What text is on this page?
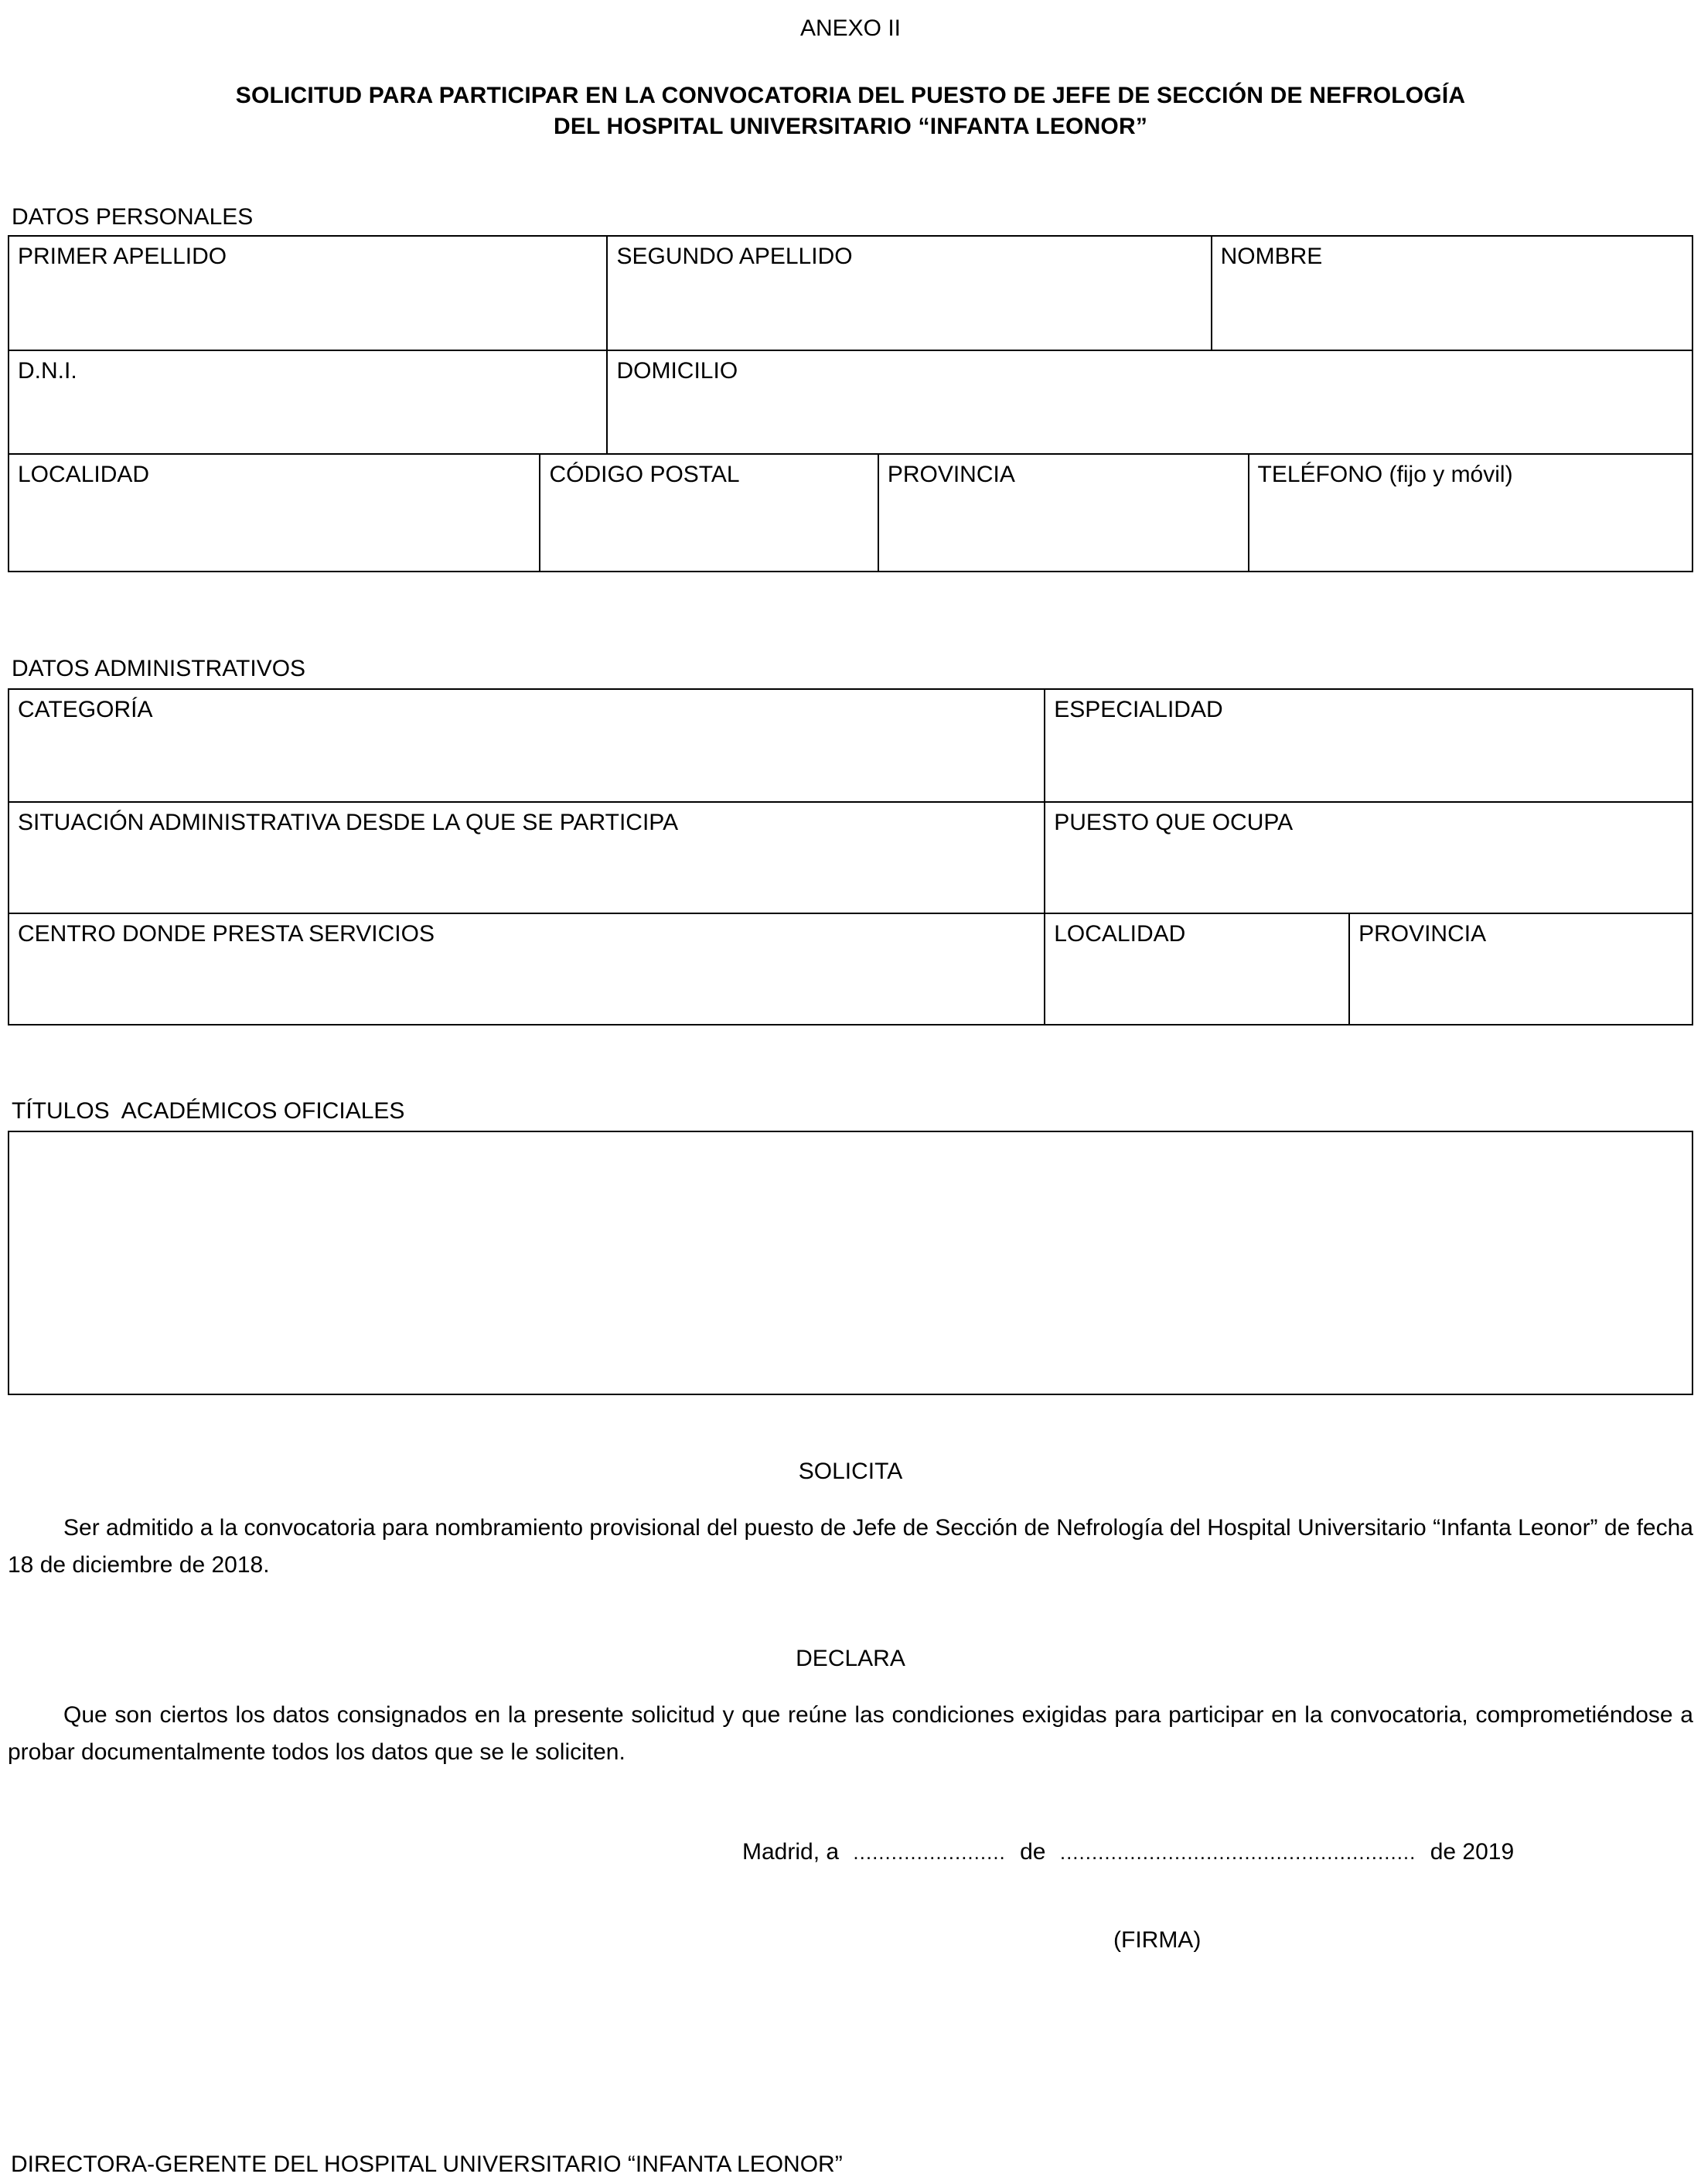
ANEXO II
SOLICITUD PARA PARTICIPAR EN LA CONVOCATORIA DEL PUESTO DE JEFE DE SECCIÓN DE NEFROLOGÍA
DEL HOSPITAL UNIVERSITARIO “INFANTA LEONOR”
DATOS PERSONALES
PRIMER APELLIDO	SEGUNDO APELLIDO	NOMBRE
D.N.I.	DOMICILIO
LOCALIDAD	CÓDIGO POSTAL	PROVINCIA	TELÉFONO (fijo y móvil)
DATOS ADMINISTRATIVOS
CATEGORÍA	ESPECIALIDAD
SITUACIÓN ADMINISTRATIVA DESDE LA QUE SE PARTICIPA	PUESTO QUE OCUPA
CENTRO DONDE PRESTA SERVICIOS	LOCALIDAD	PROVINCIA
TÍTULOS  ACADÉMICOS OFICIALES
SOLICITA

Ser admitido a la convocatoria para nombramiento provisional del puesto de Jefe de Sección de Nefrología del Hospital Universitario “Infanta Leonor” de fecha 18 de diciembre de 2018.

DECLARA

Que son ciertos los datos consignados en la presente solicitud y que reúne las condiciones exigidas para participar en la convocatoria, comprometiéndose a probar documentalmente todos los datos que se le soliciten.

Madrid, a ........................ de ........................................................ de 2019
(FIRMA)
DIRECTORA-GERENTE DEL HOSPITAL UNIVERSITARIO “INFANTA LEONOR”
